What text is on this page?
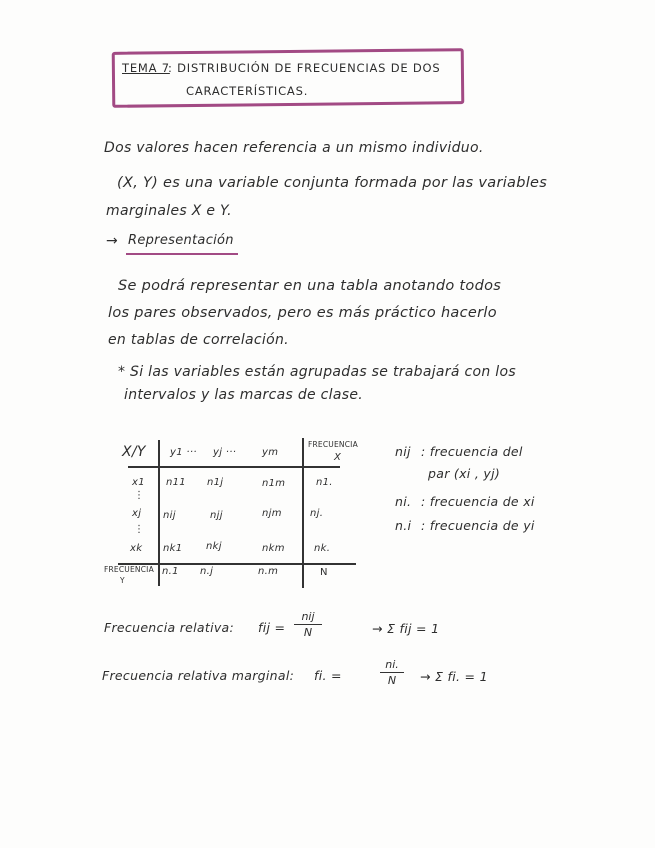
TEMA 7
: DISTRIBUCIÓN DE FRECUENCIAS DE DOS
CARACTERÍSTICAS.
Dos valores hacen referencia a un mismo individuo.
(X, Y) es una variable conjunta formada por las variables
marginales X e Y.
→ Representación
Se podrá representar en una tabla anotando todos
los pares observados, pero es más práctico hacerlo
en tablas de correlación.
* Si las variables están agrupadas se trabajará con los
intervalos y las marcas de clase.
X/Y y1 ··· yj ···	ym
FRECUENCIA
X
x1 n11 n1j	n1m	n1.
⋮
xj nij	njj	njm	nj.
⋮
xk nk1 nkj	nkm	nk.
FRECUENCIA
Y
n.1 n.j	n.m	N
nij : frecuencia del
par (xi , yj)
ni. : frecuencia de xi
n.i : frecuencia de yi
Frecuencia relativa: fij =
nij
N	→ Σ fij = 1
Frecuencia relativa marginal: fi. =
ni.
N	→ Σ fi. = 1
